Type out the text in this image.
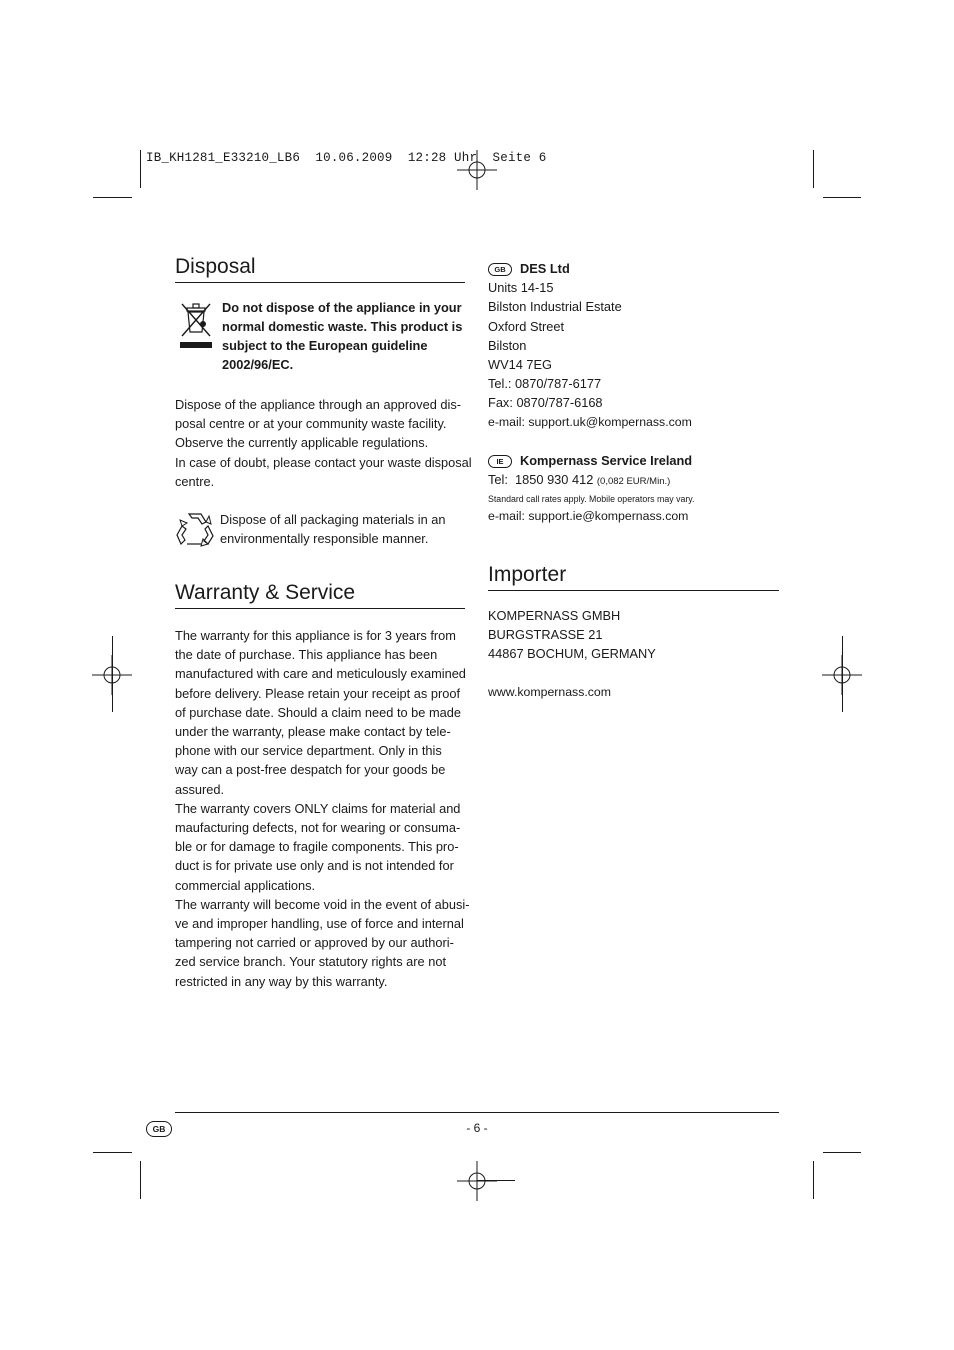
IB_KH1281_E33210_LB6  10.06.2009  12:28 Uhr  Seite 6
Disposal
Do not dispose of the appliance in your
normal domestic waste. This product is
subject to the European guideline
2002/96/EC.
Dispose of the appliance through an approved dis-
posal centre or at your community waste facility.
Observe the currently applicable regulations.
In case of doubt, please contact your waste disposal
centre.
Dispose of all packaging materials in an
environmentally responsible manner.
Warranty & Service
The warranty for this appliance is for 3 years from
the date of purchase. This appliance has been
manufactured with care and meticulously examined
before delivery. Please retain your receipt as proof
of purchase date. Should a claim need to be made
under the warranty, please make contact by tele-
phone with our service department. Only in this
way can a post-free despatch for your goods be
assured.
The warranty covers ONLY claims for material and
maufacturing defects, not for wearing or consuma-
ble or for damage to fragile components. This pro-
duct is for private use only and is not intended for
commercial applications.
The warranty will become void in the event of abusi-
ve and improper handling, use of force and internal
tampering not carried or approved by our authori-
zed service branch. Your statutory rights are not
restricted in any way by this warranty.
GB DES Ltd
Units 14-15
Bilston Industrial Estate
Oxford Street
Bilston
WV14 7EG
Tel.: 0870/787-6177
Fax: 0870/787-6168
e-mail: support.uk@kompernass.com
IE Kompernass Service Ireland
Tel: 1850 930 412 (0,082 EUR/Min.)
Standard call rates apply. Mobile operators may vary.
e-mail: support.ie@kompernass.com
Importer
KOMPERNASS GMBH
BURGSTRASSE 21
44867 BOCHUM, GERMANY
www.kompernass.com
GB	- 6 -
